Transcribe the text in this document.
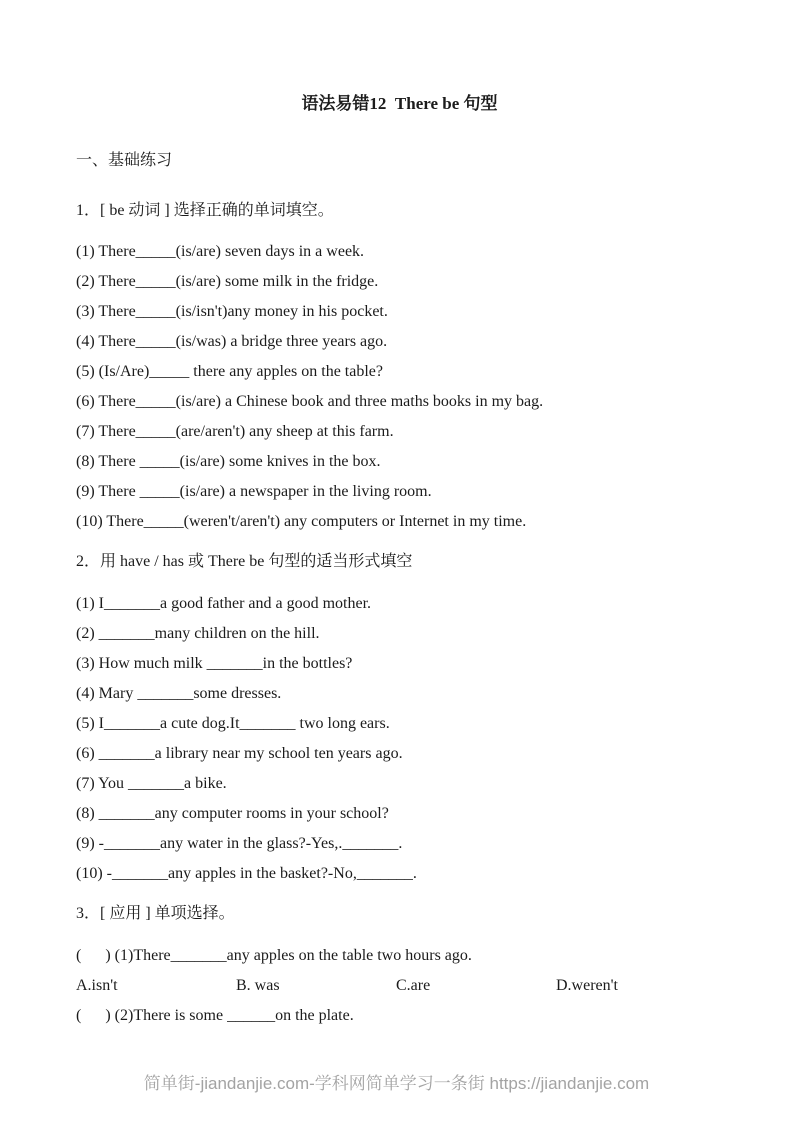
语法易错12  There be 句型
一、基础练习
1．[ be 动词 ] 选择正确的单词填空。

(1) There_____(is/are) seven days in a week.

(2) There_____(is/are) some milk in the fridge.

(3) There_____(is/isn't)any money in his pocket.

(4) There_____(is/was) a bridge three years ago.

(5) (Is/Are)_____ there any apples on the table?

(6) There_____(is/are) a Chinese book and three maths books in my bag.

(7) There_____(are/aren't) any sheep at this farm.

(8) There _____(is/are) some knives in the box.

(9) There _____(is/are) a newspaper in the living room.

(10) There_____(weren't/aren't) any computers or Internet in my time.

2．用 have / has 或 There be 句型的适当形式填空

(1) I_______a good father and a good mother.

(2) _______many children on the hill.

(3) How much milk _______in the bottles?

(4) Mary _______some dresses.

(5) I_______a cute dog.It_______ two long ears.

(6) _______a library near my school ten years ago.

(7) You _______a bike.

(8) _______any computer rooms in your school?

(9) -_______any water in the glass?-Yes,._______.

(10) -_______any apples in the basket?-No,_______.

3．[ 应用 ] 单项选择。

(      ) (1)There_______any apples on the table two hours ago.

A.isn't	B. was	C.are	D.weren't

(      ) (2)There is some ______on the plate.

简单街-jiandanjie.com-学科网简单学习一条街 https://jiandanjie.com
